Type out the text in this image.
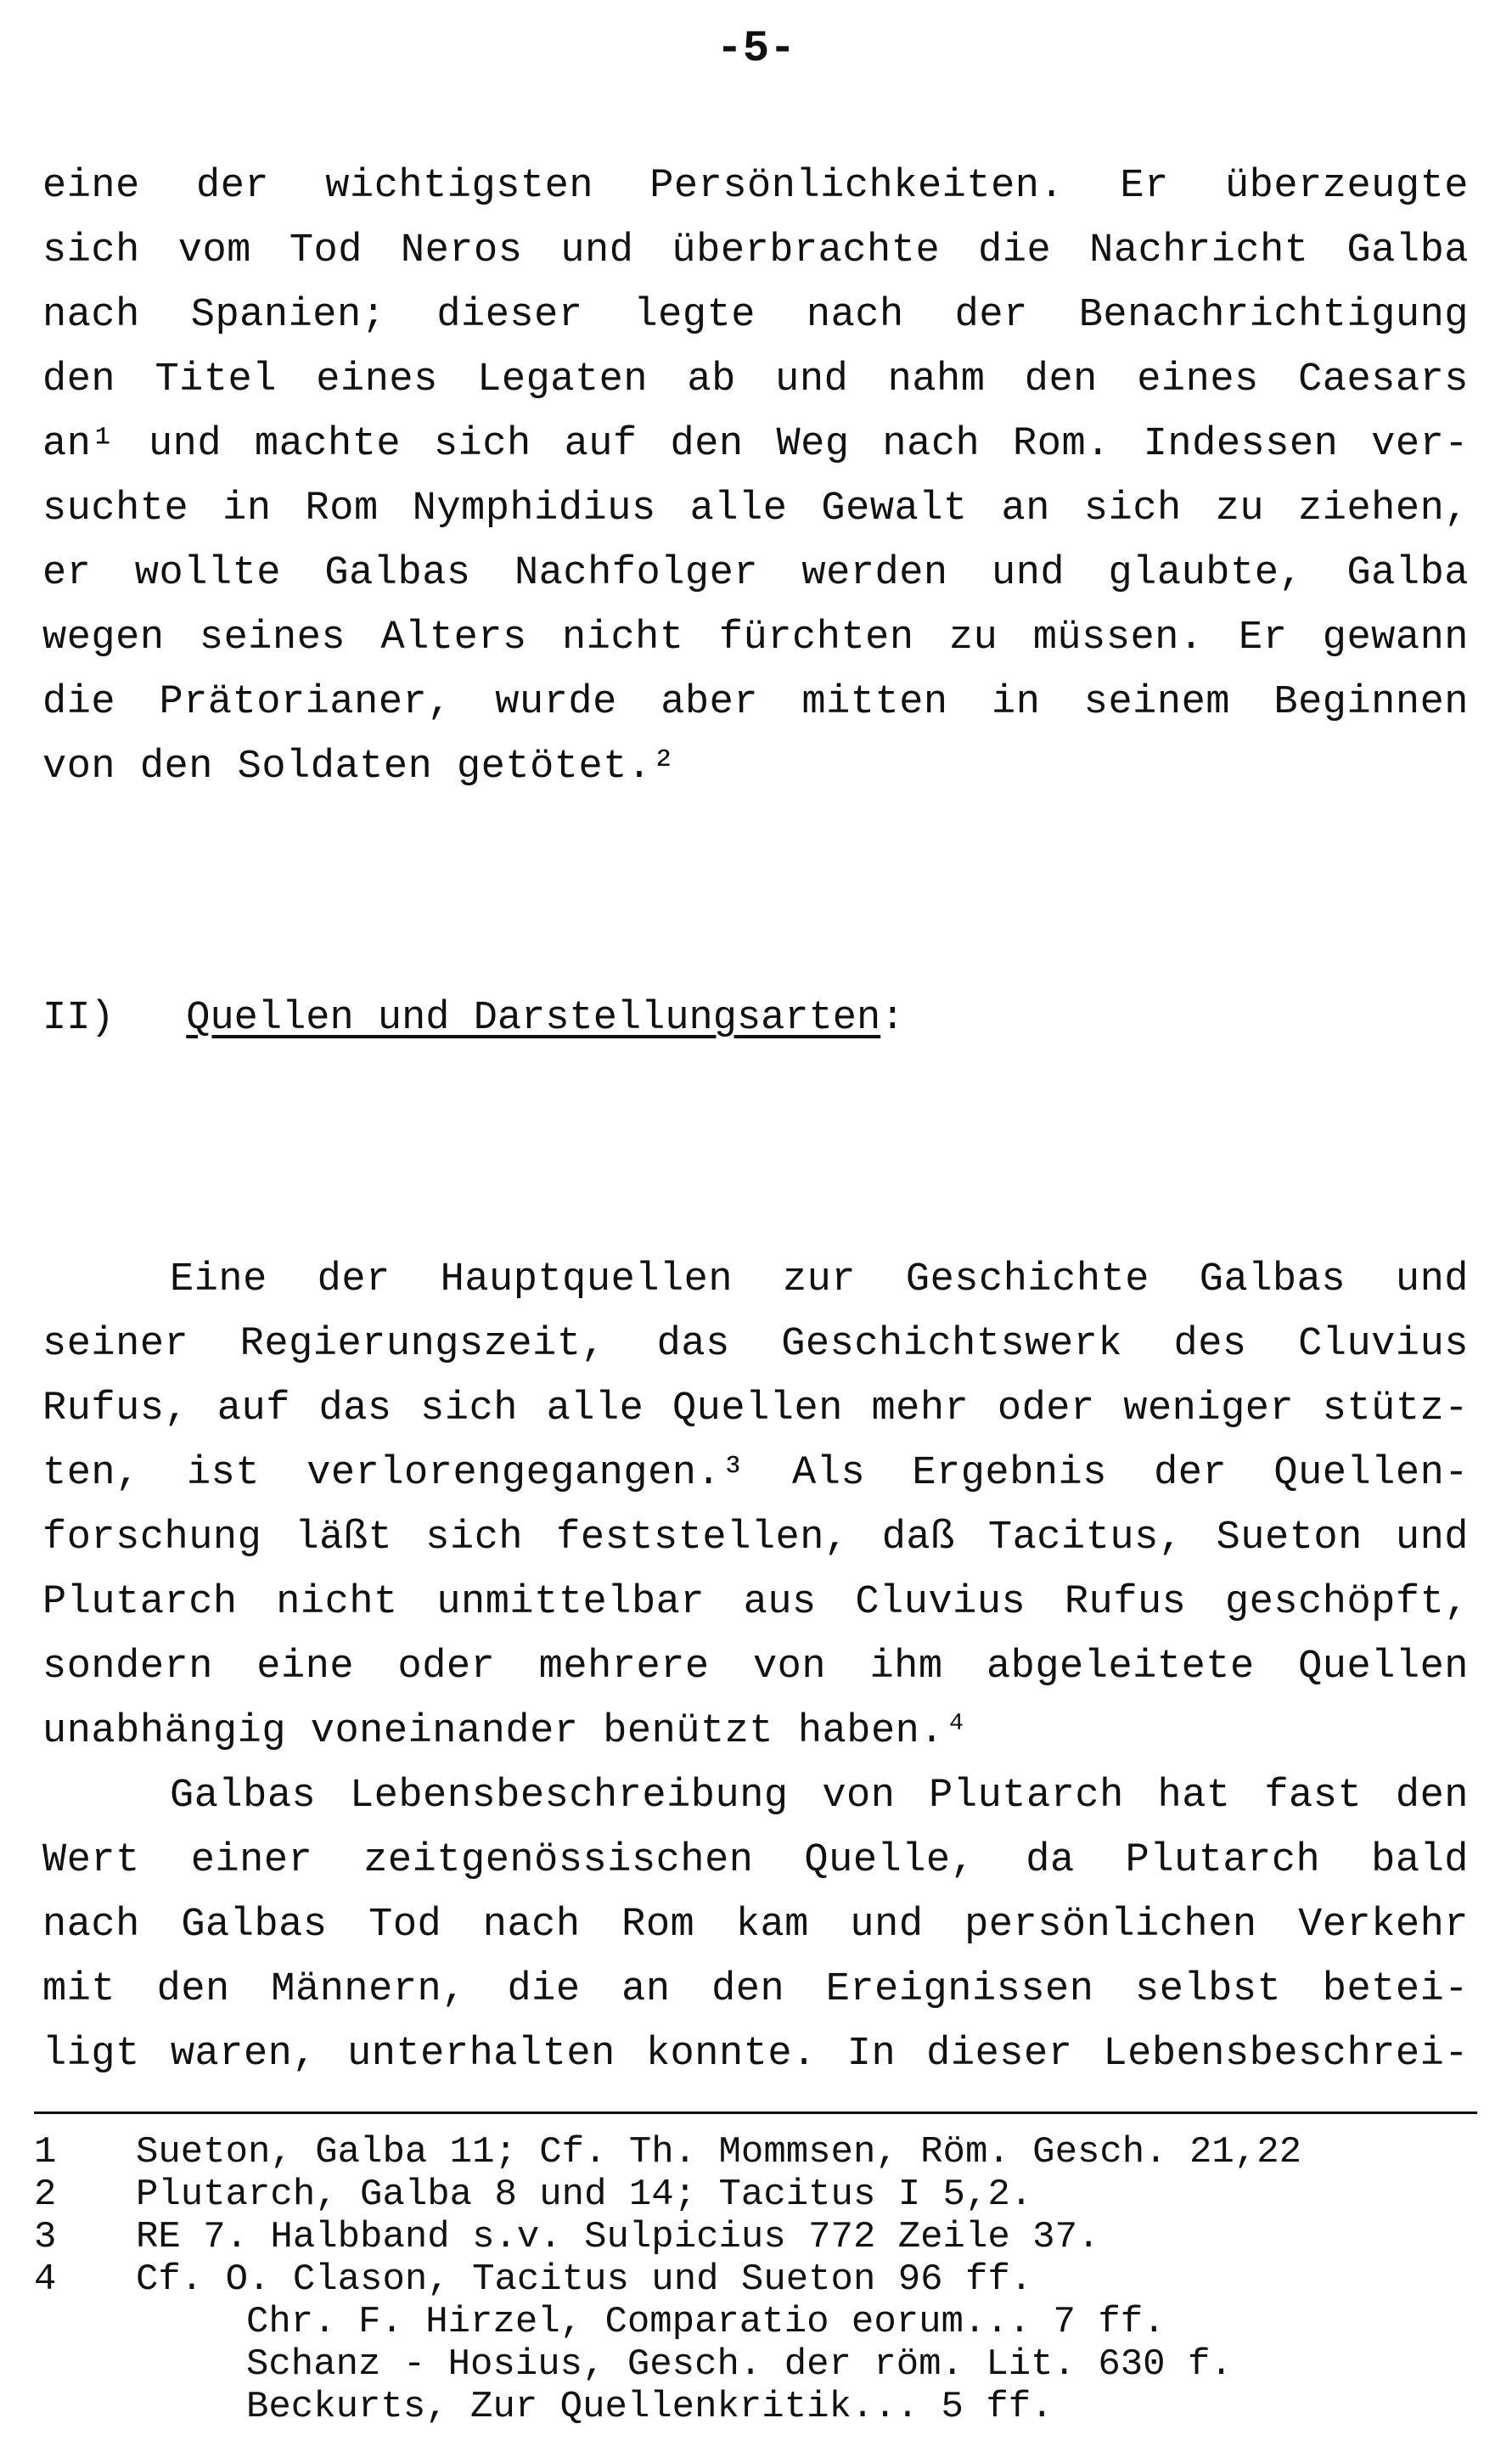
-5-
eine der wichtigsten Persönlichkeiten. Er überzeugte
sich vom Tod Neros und überbrachte die Nachricht Galba
nach Spanien; dieser legte nach der Benachrichtigung
den Titel eines Legaten ab und nahm den eines Caesars
an¹ und machte sich auf den Weg nach Rom. Indessen ver-
suchte in Rom Nymphidius alle Gewalt an sich zu ziehen,
er wollte Galbas Nachfolger werden und glaubte, Galba
wegen seines Alters nicht fürchten zu müssen. Er gewann
die Prätorianer, wurde aber mitten in seinem Beginnen
von den Soldaten getötet.²
II) Quellen und Darstellungsarten:
Eine der Hauptquellen zur Geschichte Galbas und
seiner Regierungszeit, das Geschichtswerk des Cluvius
Rufus, auf das sich alle Quellen mehr oder weniger stütz-
ten, ist verlorengegangen.³ Als Ergebnis der Quellen-
forschung läßt sich feststellen, daß Tacitus, Sueton und
Plutarch nicht unmittelbar aus Cluvius Rufus geschöpft,
sondern eine oder mehrere von ihm abgeleitete Quellen
unabhängig voneinander benützt haben.⁴
Galbas Lebensbeschreibung von Plutarch hat fast den
Wert einer zeitgenössischen Quelle, da Plutarch bald
nach Galbas Tod nach Rom kam und persönlichen Verkehr
mit den Männern, die an den Ereignissen selbst betei-
ligt waren, unterhalten konnte. In dieser Lebensbeschrei-
1 Sueton, Galba 11; Cf. Th. Mommsen, Röm. Gesch. 21,22
2 Plutarch, Galba 8 und 14; Tacitus I 5,2.
3 RE 7. Halbband s.v. Sulpicius 772 Zeile 37.
4 Cf. O. Clason, Tacitus und Sueton 96 ff.
Chr. F. Hirzel, Comparatio eorum... 7 ff.
Schanz - Hosius, Gesch. der röm. Lit. 630 f.
Beckurts, Zur Quellenkritik... 5 ff.
